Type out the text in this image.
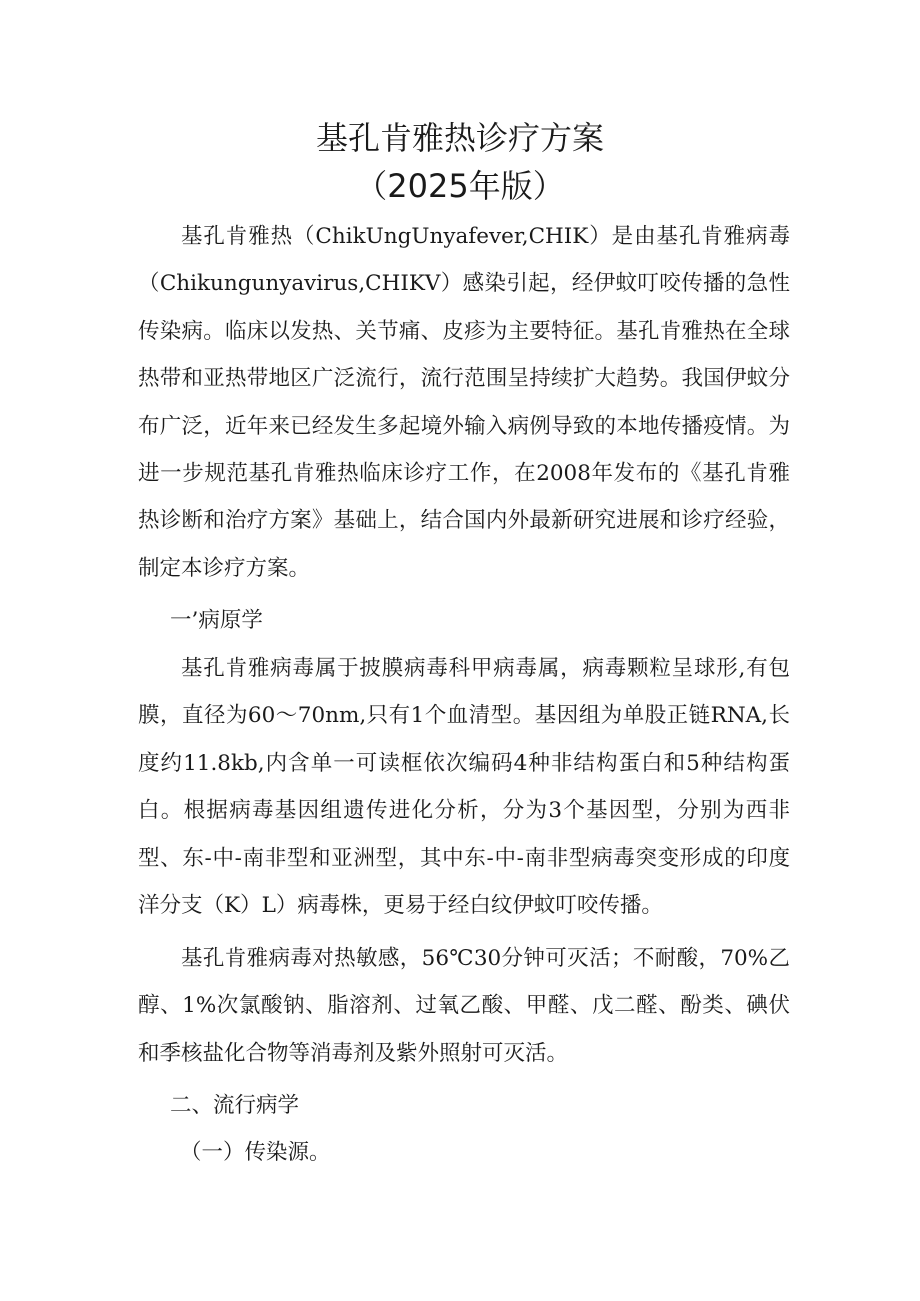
基孔肯雅热诊疗方案
（2025年版）

基孔肯雅热（ChikUngUnyafever,CHIK）是由基孔肯雅病毒（Chikungunyavirus,CHIKV）感染引起，经伊蚊叮咬传播的急性传染病。临床以发热、关节痛、皮疹为主要特征。基孔肯雅热在全球热带和亚热带地区广泛流行，流行范围呈持续扩大趋势。我国伊蚊分布广泛，近年来已经发生多起境外输入病例导致的本地传播疫情。为进一步规范基孔肯雅热临床诊疗工作，在2008年发布的《基孔肯雅热诊断和治疗方案》基础上，结合国内外最新研究进展和诊疗经验，制定本诊疗方案。

一’病原学

基孔肯雅病毒属于披膜病毒科甲病毒属，病毒颗粒呈球形,有包膜，直径为60～70nm,只有1个血清型。基因组为单股正链RNA,长度约11.8kb,内含单一可读框依次编码4种非结构蛋白和5种结构蛋白。根据病毒基因组遗传进化分析，分为3个基因型，分别为西非型、东-中-南非型和亚洲型，其中东-中-南非型病毒突变形成的印度洋分支（K）L）病毒株，更易于经白纹伊蚊叮咬传播。

基孔肯雅病毒对热敏感，56℃30分钟可灭活；不耐酸，70%乙醇、1%次氯酸钠、脂溶剂、过氧乙酸、甲醛、戊二醛、酚类、碘伏和季核盐化合物等消毒剂及紫外照射可灭活。

二、流行病学

（一）传染源。
